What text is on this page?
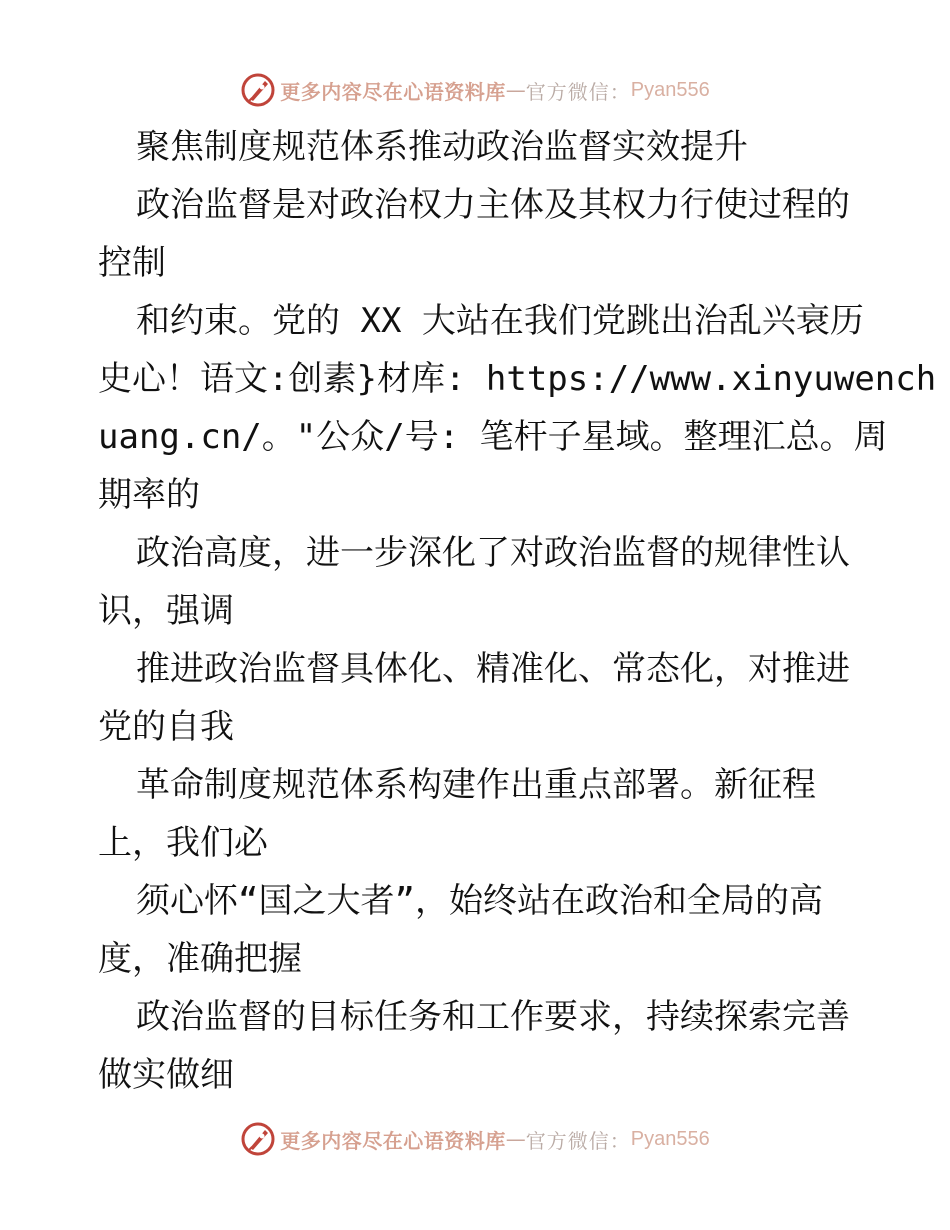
更多内容尽在心语资料库 — 官方微信： Pyan556
聚焦制度规范体系推动政治监督实效提升
政治监督是对政治权力主体及其权力行使过程的
控制
和约束。党的 XX 大站在我们党跳出治乱兴衰历
史心！语文:创素}材库: https://www.xinyuwench
uang.cn/。"公众/号: 笔杆子星域。整理汇总。周
期率的
政治高度，进一步深化了对政治监督的规律性认
识，强调
推进政治监督具体化、精准化、常态化，对推进
党的自我
革命制度规范体系构建作出重点部署。新征程
上，我们必
须心怀“国之大者”，始终站在政治和全局的高
度，准确把握
政治监督的目标任务和工作要求，持续探索完善
做实做细
更多内容尽在心语资料库 — 官方微信： Pyan556
